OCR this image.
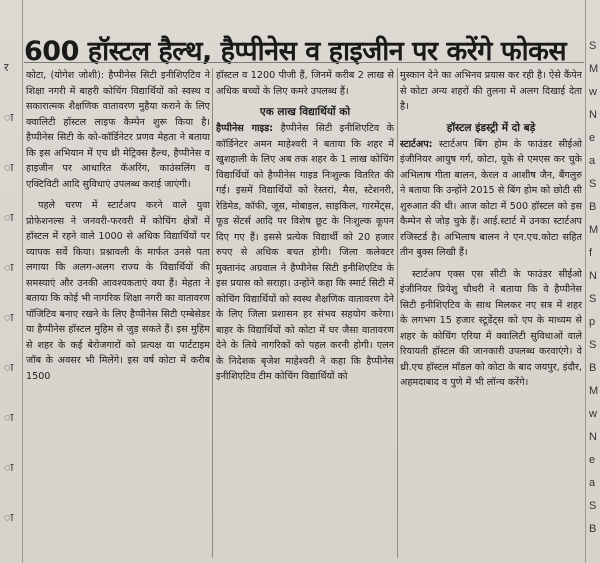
र
ा
ा
ा
ा
ा
ा
ा
ा
ा
S
M
w
N
e
a
S
B
M
f
N
S
p
S
B
M
w
N
e
a
S
B
600 हॉस्टल हैल्थ, हैप्पीनेस व हाइजीन पर करेंगे फोकस

कोटा, (योगेश जोशी): हैप्पीनेस सिटी इनीशिएटिव ने शिक्षा नगरी में बाहरी कोचिंग विद्यार्थियों को स्वस्थ व सकारात्मक शैक्षणिक वातावरण मुहैया कराने के लिए क्वालिटी हॉस्टल लाइफ कैम्पेन शुरू किया है। हैप्पीनेस सिटी के को-कॉर्डिनेटर प्रणव मेहता ने बताया कि इस अभियान में एच थ्री मेट्रिक्स हैल्थ, हैप्पीनेस व हाइजीन पर आधारित कॅअरिंग, काउंसलिंग व एक्टिविटी आदि सुविधाएं उपलब्ध कराई जाएंगी।

पहले चरण में स्टार्टअप करने वाले युवा प्रोफेशनल्स ने जनवरी-फरवरी में कोचिंग क्षेत्रों में हॉस्टल में रहने वाले 1000 से अधिक विद्यार्थियों पर व्यापक सर्वे किया। प्रश्नावली के मार्फत उनसे पता लगाया कि अलग-अलग राज्य के विद्यार्थियों की समस्याएं और उनकी आवश्यकताएं क्या हैं। मेहता ने बताया कि कोई भी नागरिक शिक्षा नगरी का वातावरण पॉजिटिव बनाए रखने के लिए हैप्पीनेस सिटी एम्बेसेडर या हैप्पीनेस हॉस्टल मुहिम से जुड़ सकते हैं। इस मुहिम से शहर के कई बेरोजगारों को प्रत्यक्ष या पार्टटाइम जॉब के अवसर भी मिलेंगे। इस वर्ष कोटा में करीब 1500

हॉस्टल व 1200 पीजी हैं, जिनमें करीब 2 लाख से अधिक बच्चों के लिए कमरे उपलब्ध हैं।

एक लाख विद्यार्थियों को

हैप्पीनेस गाइड: हैप्पीनेस सिटी इनीशिएटिव के कॉर्डिनेटर अमन माहेश्वरी ने बताया कि शहर में खुशहाली के लिए अब तक शहर के 1 लाख कोचिंग विद्यार्थियों को हैप्पीनेस गाइड निःशुल्क वितरित की गई। इसमें विद्यार्थियों को रेस्तरां, मैस, स्टेशनरी, रेडिमेड, कॉफी, जूस, मोबाइल, साइकिल, गारमेंट्स, फूड सेंटर्स आदि पर विशेष छूट के निःशुल्क कूपन दिए गए हैं। इससे प्रत्येक विद्यार्थी को 20 हजार रुपए से अधिक बचत होगी। जिला कलेक्टर मुक्तानंद अग्रवाल ने हैप्पीनेस सिटी इनीशिएटिव के इस प्रयास को सराहा। उन्होंने कहा कि स्मार्ट सिटी में कोचिंग विद्यार्थियों को स्वस्थ शैक्षणिक वातावरण देने के लिए जिला प्रशासन हर संभव सहयोग करेगा। बाहर के विद्यार्थियों को कोटा में घर जैसा वातावरण देने के लिये नागरिकों को पहल करनी होगी। एलन के निदेशक बृजेश माहेश्वरी ने कहा कि हैप्पीनेस इनीशिएटिव टीम कोचिंग विद्यार्थियों को

मुस्कान देने का अभिनव प्रयास कर रही है। ऐसे कैंपेन से कोटा अन्य शहरों की तुलना में अलग दिखाई देता है।

हॉस्टल इंडस्ट्री में दो बड़े

स्टार्टअप: स्टार्टअप बिंग होम के फाउंडर सीईओ इंजीनियर आयुष गर्ग, कोटा, यूके से एमएस कर चुके अभिलाष गीता बालन, केरल व आशीष जैन, बैंगलुरु ने बताया कि उन्होंने 2015 से बिंग होम को छोटी सी शुरुआत की थी। आज कोटा में 500 हॉस्टल को इस कैम्पेन से जोड़ चुके हैं। आई.स्टार्ट में उनका स्टार्टअप रजिस्टर्ड है। अभिलाष बालन ने एन.एच.कोटा सहित तीन बुक्स लिखी हैं।

स्टार्टअप एक्स एस सीटी के फाउंडर सीईओ इंजीनियर प्रियेशु चौधरी ने बताया कि वे हैप्पीनेस सिटी इनीशिएटिव के साथ मिलकर नए सत्र में शहर के लगभग 15 हजार स्टूडेंट्स को एप के माध्यम से शहर के कोचिंग एरिया में क्वालिटी सुविधाओं वाले रियायती हॉस्टल की जानकारी उपलब्ध करवाएंगे। वे थ्री.एच हॉस्टल मॉडल को कोटा के बाद जयपुर, इंदौर, अहमदाबाद व पुणे में भी लॉन्च करेंगे।
